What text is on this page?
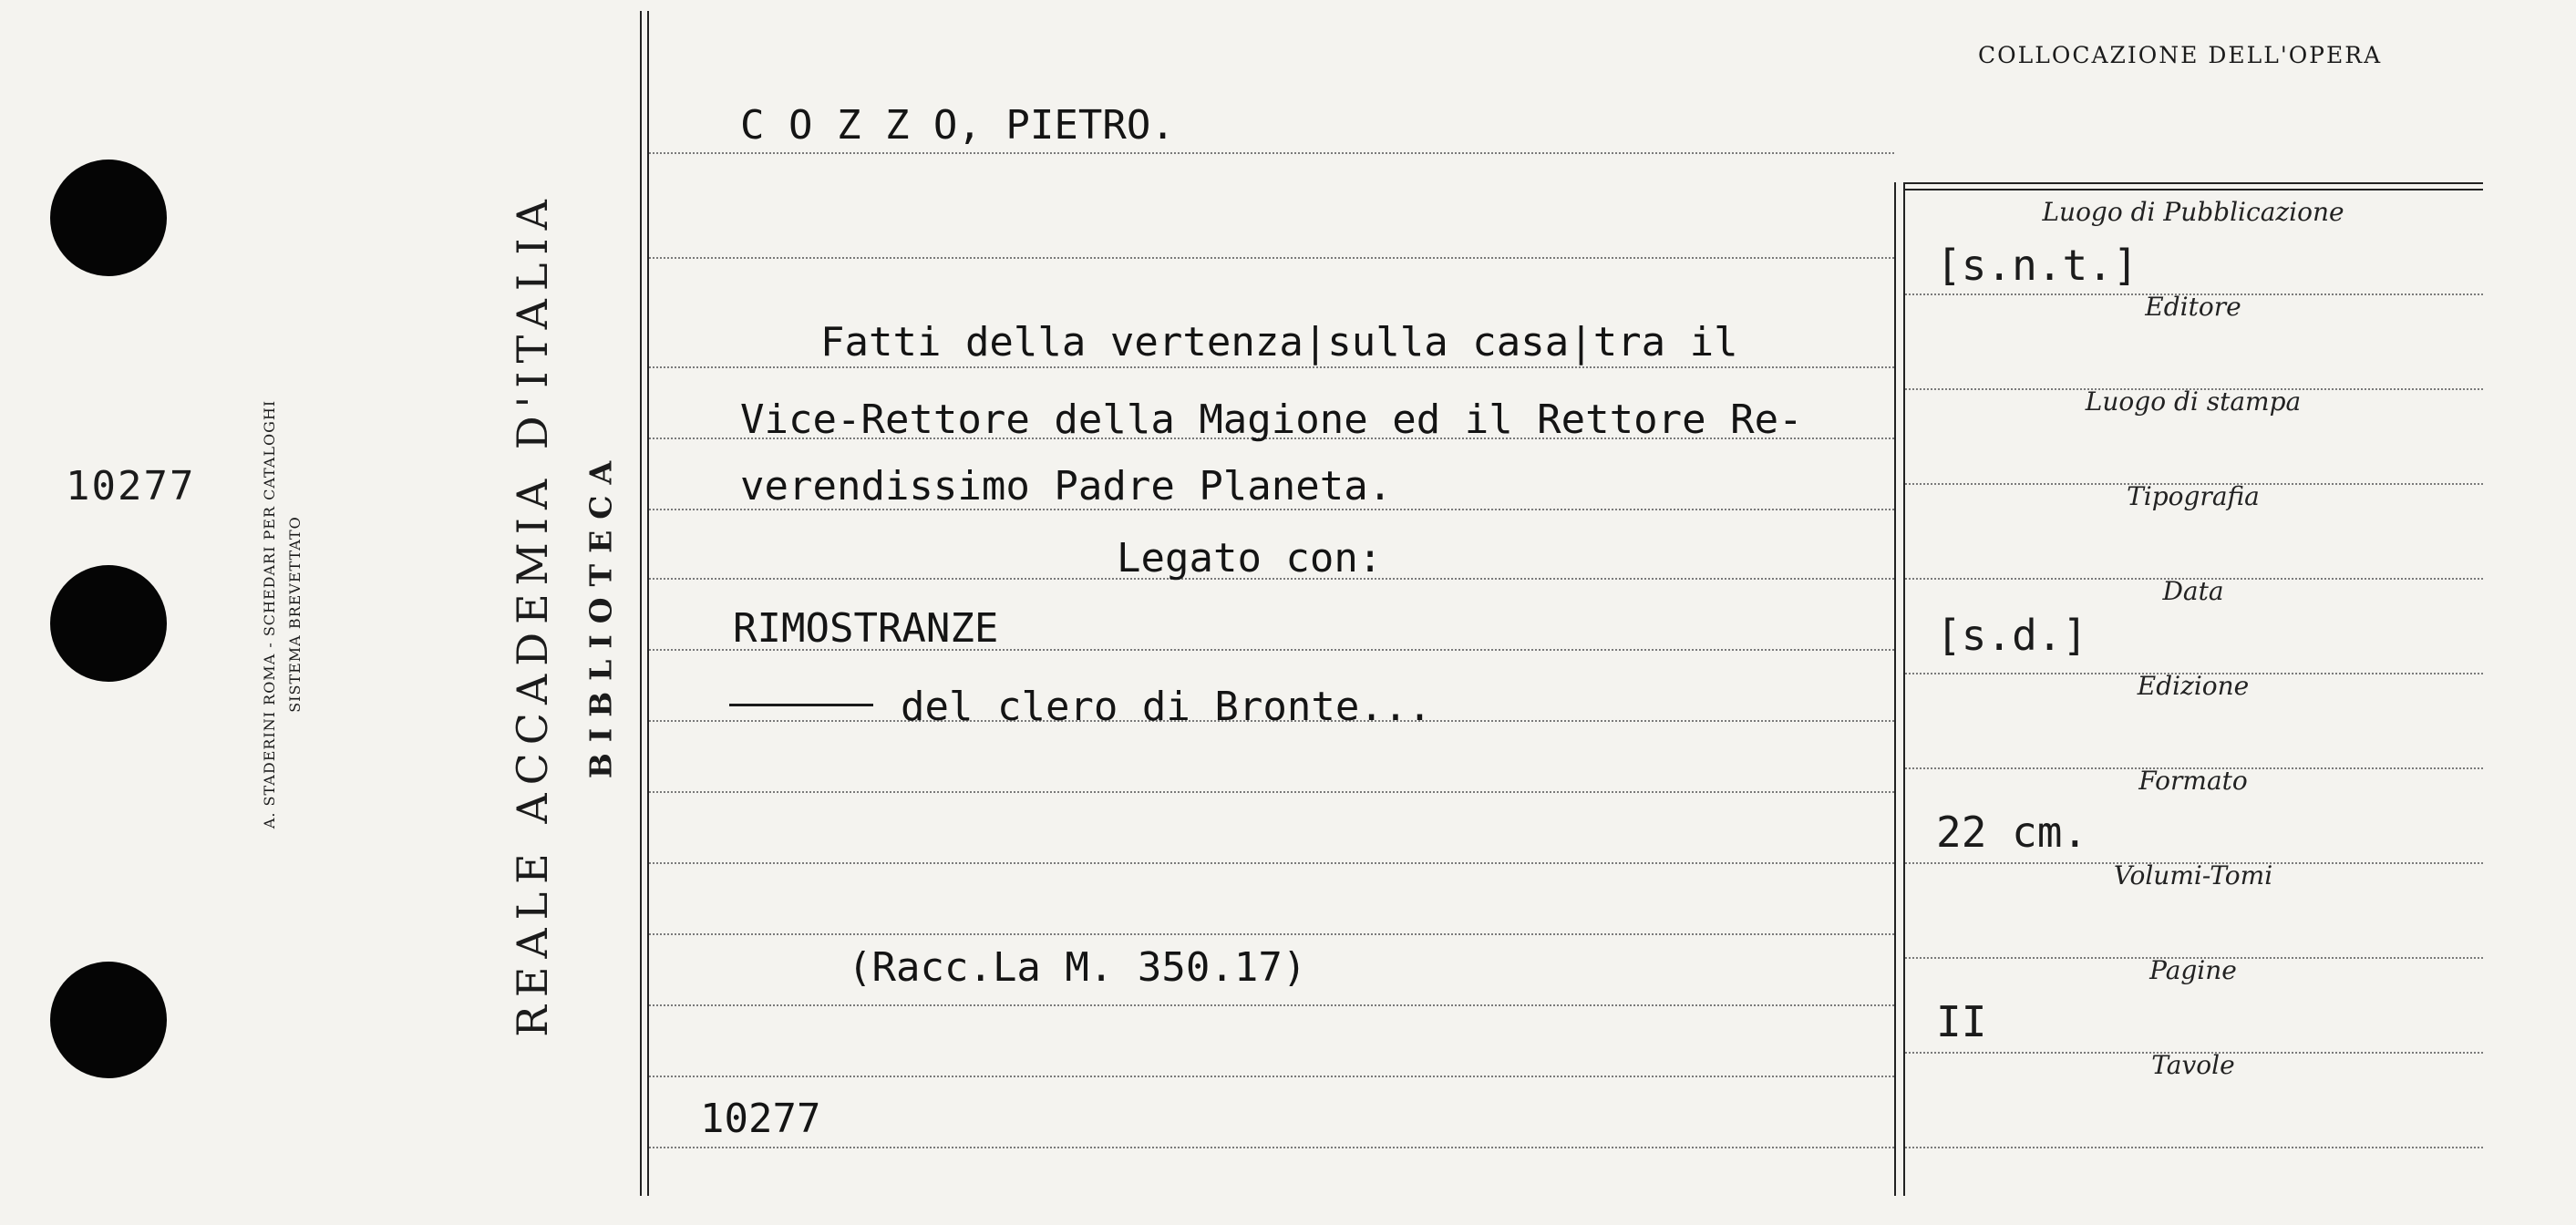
10277	A. STADERINI ROMA - SCHEDARI PER CATALOGHI SISTEMA BREVETTATO	REALE ACCADEMIA D'ITALIA BIBLIOTECA
C O Z Z O, PIETRO.
Fatti della vertenza|sulla casa|tra il
Vice-Rettore della Magione ed il Rettore Re-
verendissimo Padre Planeta.
Legato con:
RIMOSTRANZE
del clero di Bronte...
(Racc.La M. 350.17)
10277
COLLOCAZIONE DELL'OPERA
Luogo di Pubblicazione
[s.n.t.]
Editore
Luogo di stampa
Tipografia
Data
[s.d.]
Edizione
Formato
22 cm.
Volumi-Tomi
Pagine
II
Tavole
